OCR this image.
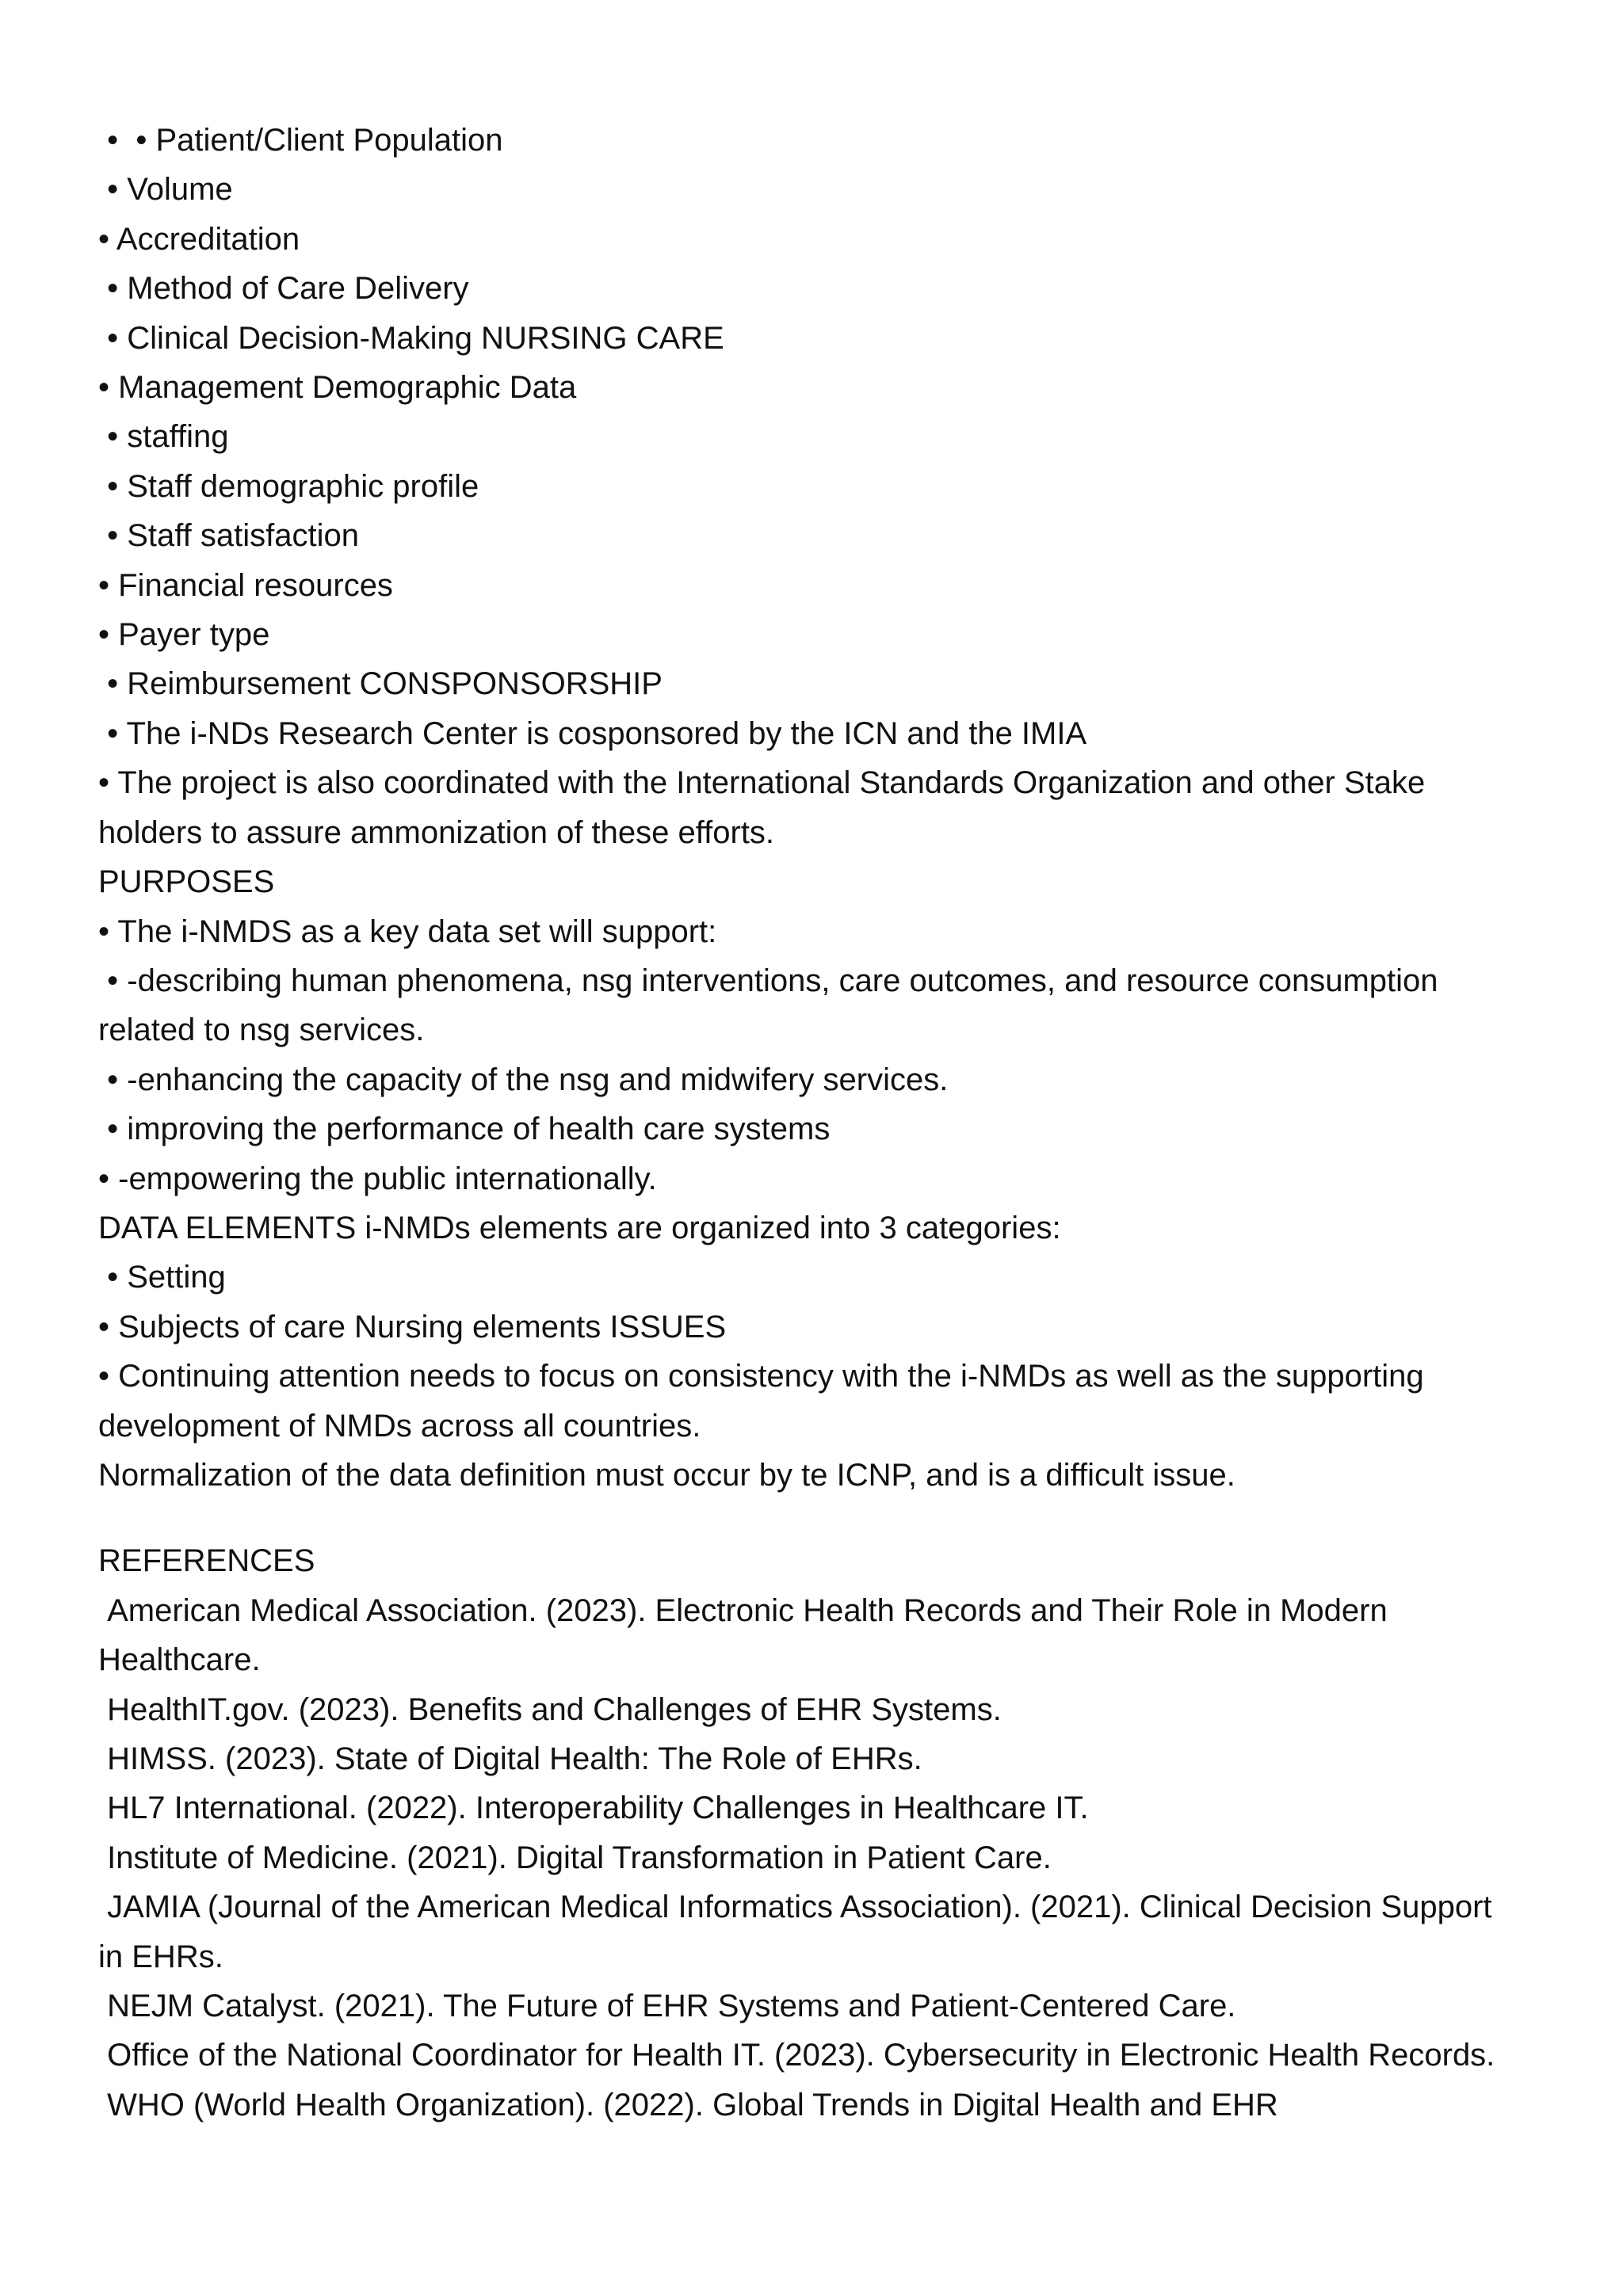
•  • Patient/Client Population

• Volume

• Accreditation

• Method of Care Delivery

• Clinical Decision-Making NURSING CARE

• Management Demographic Data

• staffing

• Staff demographic profile

• Staff satisfaction

• Financial resources

• Payer type

• Reimbursement CONSPONSORSHIP

• The i-NDs Research Center is cosponsored by the ICN and the IMIA

• The project is also coordinated with the International Standards Organization and other Stake holders to assure ammonization of these efforts.

PURPOSES

• The i-NMDS as a key data set will support:

• -describing human phenomena, nsg interventions, care outcomes, and resource consumption related to nsg services.

• -enhancing the capacity of the nsg and midwifery services.

• improving the performance of health care systems

• -empowering the public internationally.

DATA ELEMENTS i-NMDs elements are organized into 3 categories:

• Setting

• Subjects of care Nursing elements ISSUES

• Continuing attention needs to focus on consistency with the i-NMDs as well as the supporting development of NMDs across all countries.

Normalization of the data definition must occur by te ICNP, and is a difficult issue.

REFERENCES

American Medical Association. (2023). Electronic Health Records and Their Role in Modern Healthcare.

HealthIT.gov. (2023). Benefits and Challenges of EHR Systems.

HIMSS. (2023). State of Digital Health: The Role of EHRs.

HL7 International. (2022). Interoperability Challenges in Healthcare IT.

Institute of Medicine. (2021). Digital Transformation in Patient Care.

JAMIA (Journal of the American Medical Informatics Association). (2021). Clinical Decision Support in EHRs.

NEJM Catalyst. (2021). The Future of EHR Systems and Patient-Centered Care.

Office of the National Coordinator for Health IT. (2023). Cybersecurity in Electronic Health Records.

WHO (World Health Organization). (2022). Global Trends in Digital Health and EHR
